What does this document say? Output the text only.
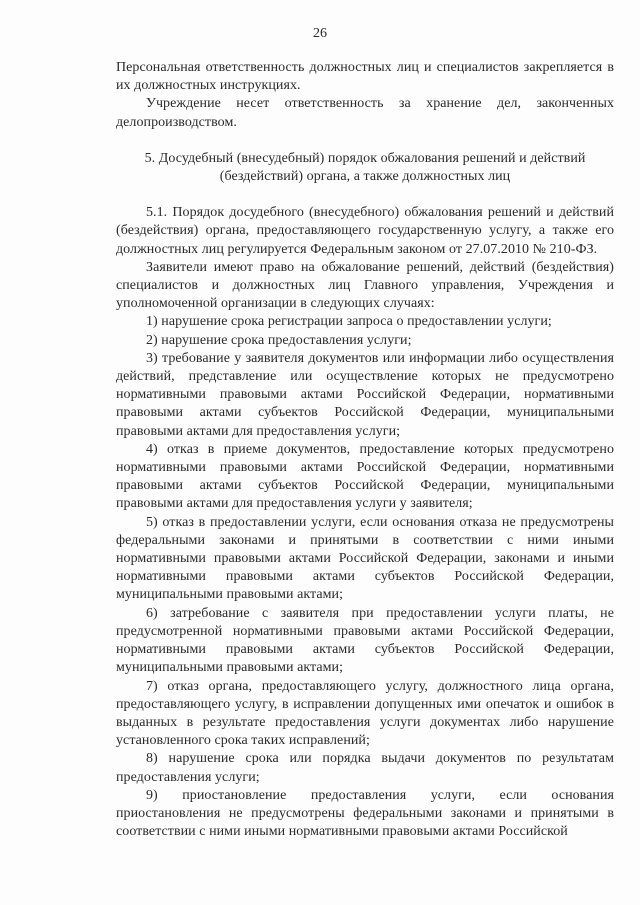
26

Персональная ответственность должностных лиц и специалистов закрепляется в их должностных инструкциях.

Учреждение несет ответственность за хранение дел, законченных делопроизводством.

5. Досудебный (внесудебный) порядок обжалования решений и действий (бездействий) органа, а также должностных лиц

5.1. Порядок досудебного (внесудебного) обжалования решений и действий (бездействия) органа, предоставляющего государственную услугу, а также его должностных лиц регулируется Федеральным законом от 27.07.2010 № 210-ФЗ.

Заявители имеют право на обжалование решений, действий (бездействия) специалистов и должностных лиц Главного управления, Учреждения и уполномоченной организации в следующих случаях:

1) нарушение срока регистрации запроса о предоставлении услуги;

2) нарушение срока предоставления услуги;

3) требование у заявителя документов или информации либо осуществления действий, представление или осуществление которых не предусмотрено нормативными правовыми актами Российской Федерации, нормативными правовыми актами субъектов Российской Федерации, муниципальными правовыми актами для предоставления услуги;

4) отказ в приеме документов, предоставление которых предусмотрено нормативными правовыми актами Российской Федерации, нормативными правовыми актами субъектов Российской Федерации, муниципальными правовыми актами для предоставления услуги у заявителя;

5) отказ в предоставлении услуги, если основания отказа не предусмотрены федеральными законами и принятыми в соответствии с ними иными нормативными правовыми актами Российской Федерации, законами и иными нормативными правовыми актами субъектов Российской Федерации, муниципальными правовыми актами;

6) затребование с заявителя при предоставлении услуги платы, не предусмотренной нормативными правовыми актами Российской Федерации, нормативными правовыми актами субъектов Российской Федерации, муниципальными правовыми актами;

7) отказ органа, предоставляющего услугу, должностного лица органа, предоставляющего услугу, в исправлении допущенных ими опечаток и ошибок в выданных в результате предоставления услуги документах либо нарушение установленного срока таких исправлений;

8) нарушение срока или порядка выдачи документов по результатам предоставления услуги;

9) приостановление предоставления услуги, если основания приостановления не предусмотрены федеральными законами и принятыми в соответствии с ними иными нормативными правовыми актами Российской
